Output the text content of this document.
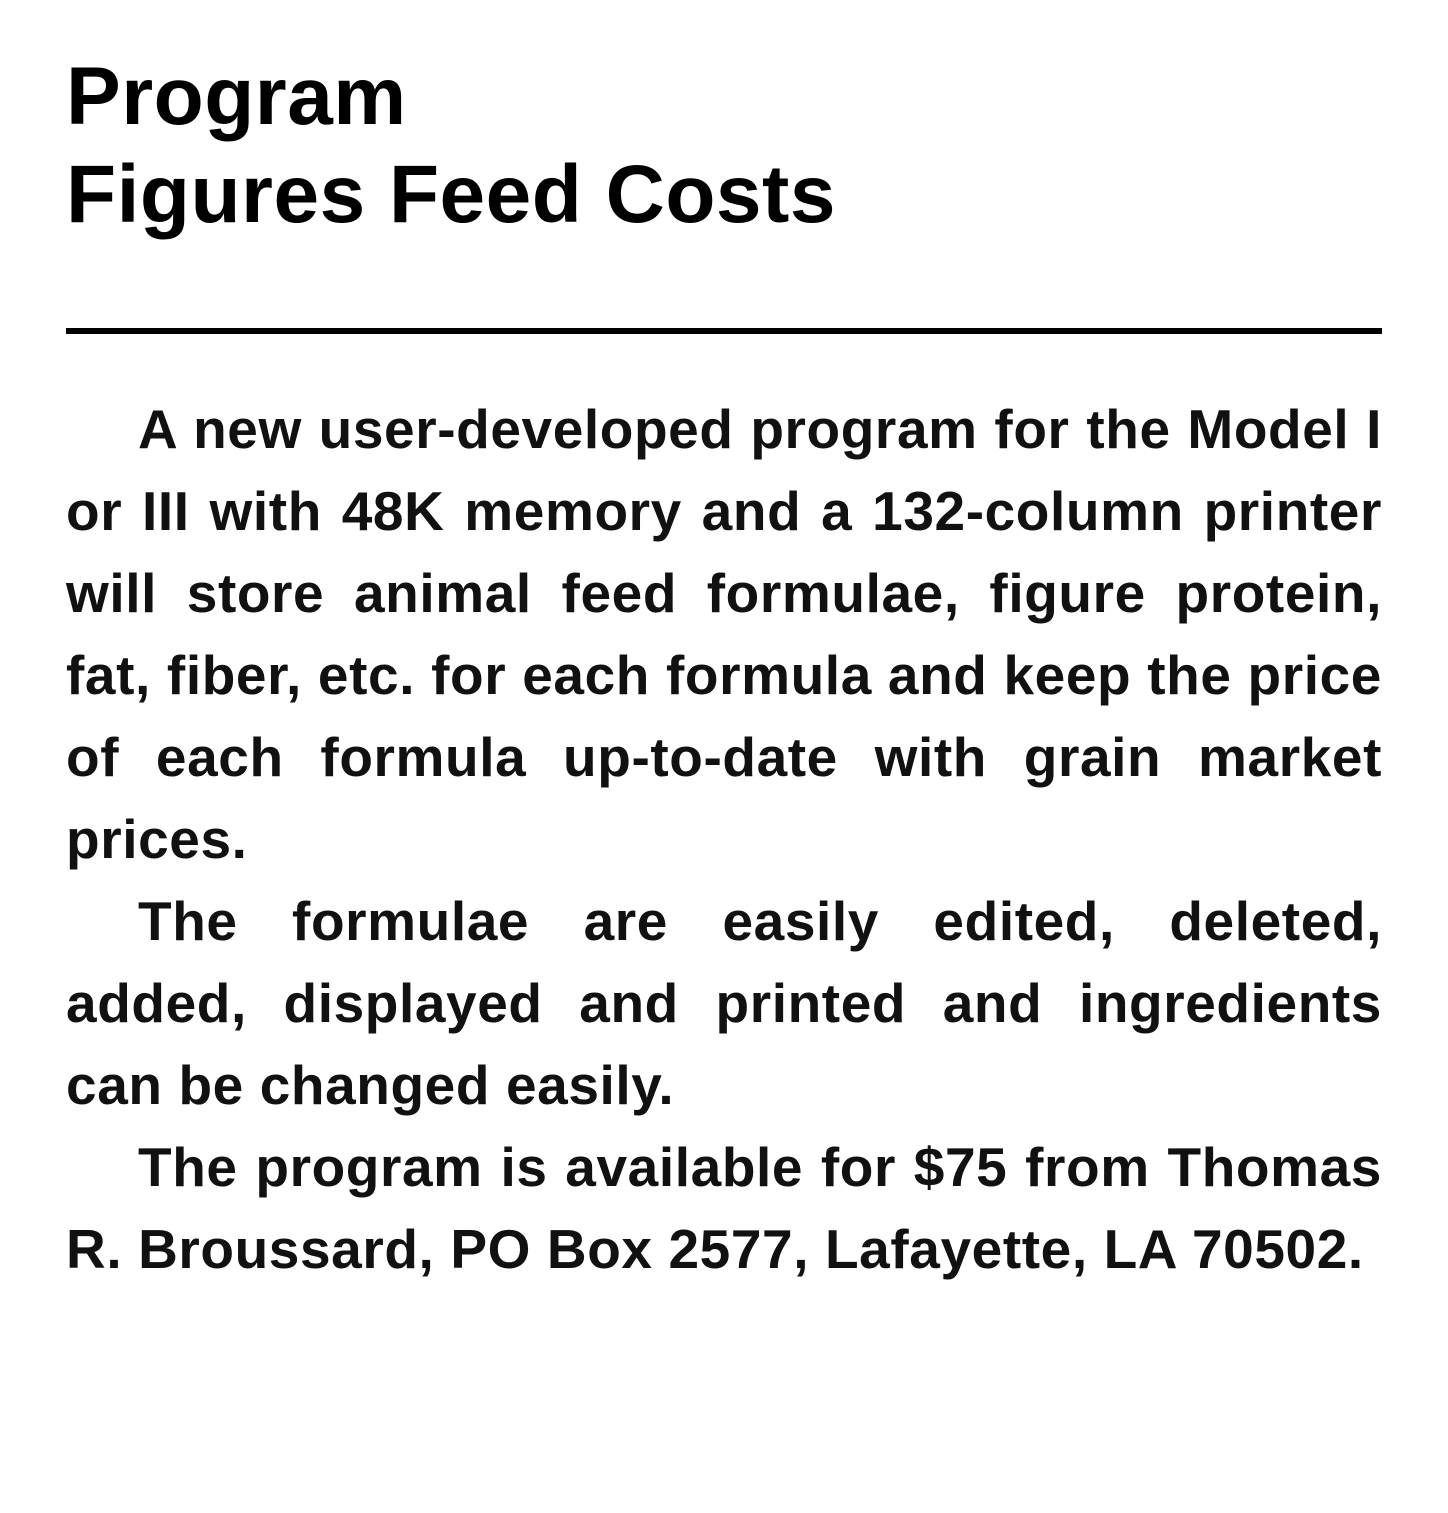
Program
Figures Feed Costs

A new user-developed program for the Model I or III with 48K memory and a 132-column printer will store animal feed formulae, figure protein, fat, fiber, etc. for each formula and keep the price of each formula up-to-date with grain market prices.

The formulae are easily edited, deleted, added, displayed and printed and ingredients can be changed easily.

The program is available for $75 from Thomas R. Broussard, PO Box 2577, Lafayette, LA 70502.
